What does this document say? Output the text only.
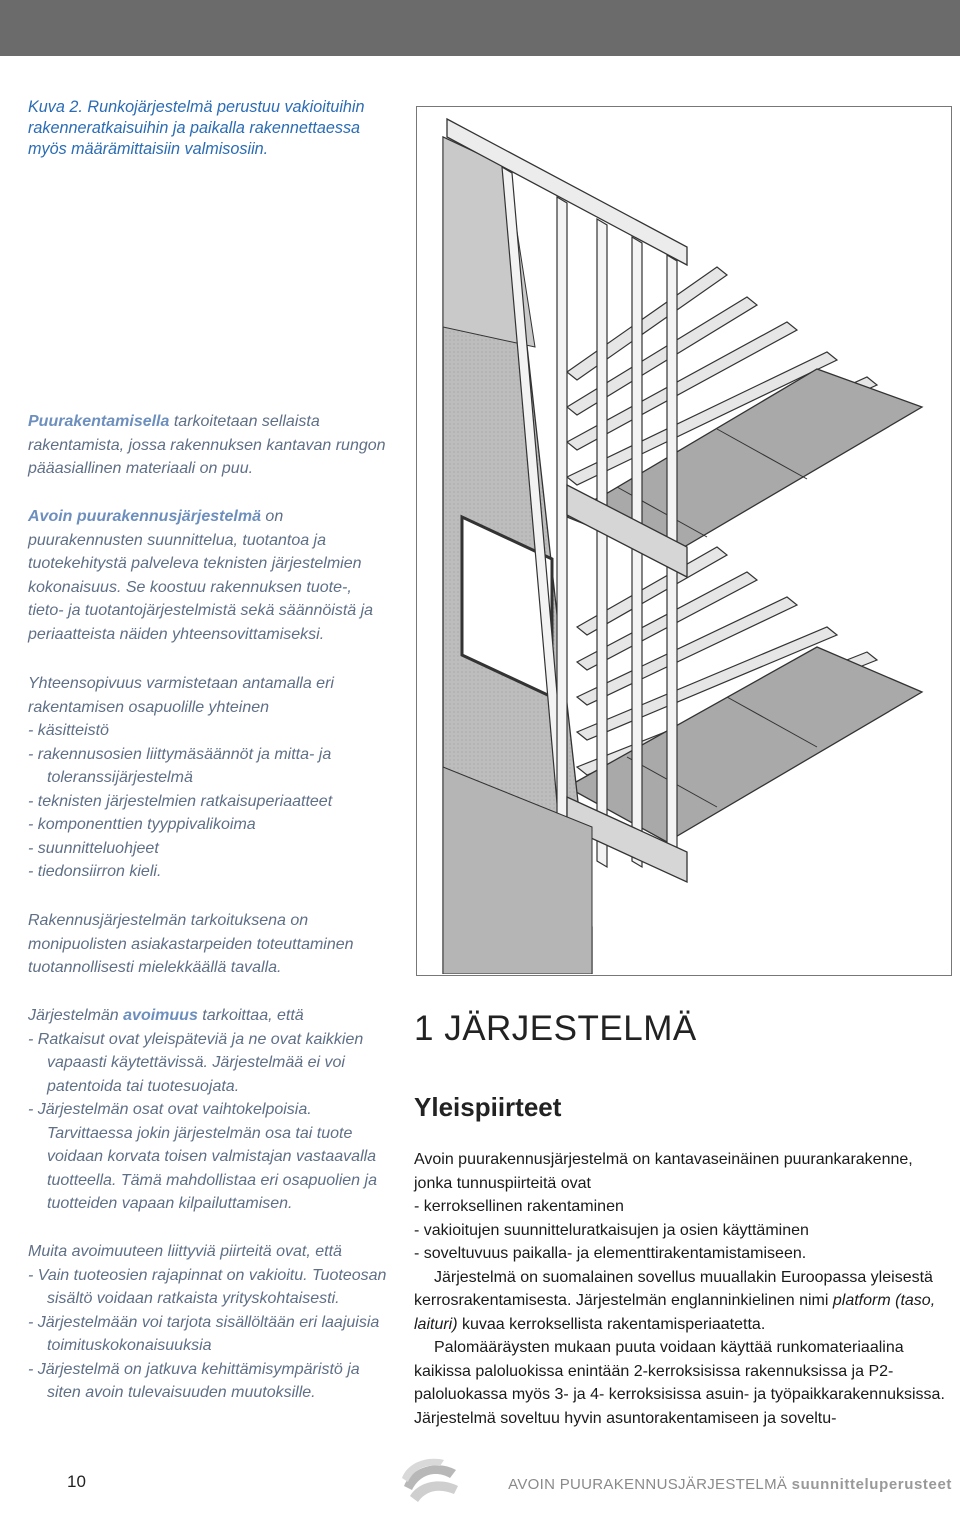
Kuva 2. Runkojärjestelmä perustuu vakioituihin rakenneratkaisuihin ja paikalla rakennettaessa myös määrämittaisiin valmisosiin.

Puurakentamisella tarkoitetaan sellaista rakentamista, jossa rakennuksen kantavan rungon pääasiallinen materiaali on puu.

Avoin puurakennusjärjestelmä on puurakennusten suunnittelua, tuotantoa ja tuotekehitystä palveleva teknisten järjestelmien kokonaisuus. Se koostuu rakennuksen tuote-, tieto- ja tuotantojärjestelmistä sekä säännöistä ja periaatteista näiden yhteensovittamiseksi.

Yhteensopivuus varmistetaan antamalla eri rakentamisen osapuolille yhteinen
- käsitteistö
- rakennusosien liittymäsäännöt ja mitta- ja toleranssijärjestelmä
- teknisten järjestelmien ratkaisuperiaatteet
- komponenttien tyyppivalikoima
- suunnitteluohjeet
- tiedonsiirron kieli.

Rakennusjärjestelmän tarkoituksena on monipuolisten asiakastarpeiden toteuttaminen tuotannollisesti mielekkäällä tavalla.

Järjestelmän avoimuus tarkoittaa, että
- Ratkaisut ovat yleispäteviä ja ne ovat kaikkien vapaasti käytettävissä. Järjestelmää ei voi patentoida tai tuotesuojata.
- Järjestelmän osat ovat vaihtokelpoisia. Tarvittaessa jokin järjestelmän osa tai tuote voidaan korvata toisen valmistajan vastaavalla tuotteella. Tämä mahdollistaa eri osapuolien ja tuotteiden vapaan kilpailuttamisen.
Muita avoimuuteen liittyviä piirteitä ovat, että
- Vain tuoteosien rajapinnat on vakioitu. Tuoteosan sisältö voidaan ratkaista yrityskohtaisesti.
- Järjestelmään voi tarjota sisällöltään eri laajuisia toimituskokonaisuuksia
- Järjestelmä on jatkuva kehittämisympäristö ja siten avoin tulevaisuuden muutoksille.
1 JÄRJESTELMÄ
Yleispiirteet
Avoin puurakennusjärjestelmä on kantavaseinäinen puurankarakenne, jonka tunnuspiirteitä ovat
- kerroksellinen rakentaminen
- vakioitujen suunnitteluratkaisujen ja osien käyttäminen
- soveltuvuus paikalla- ja elementtirakentamistamiseen.
Järjestelmä on suomalainen sovellus muuallakin Euroopassa yleisestä kerrosrakentamisesta. Järjestelmän englanninkielinen nimi platform (taso, laituri) kuvaa kerroksellista rakentamisperiaatetta.
Palomääräysten mukaan puuta voidaan käyttää runkomateriaalina kaikissa paloluokissa enintään 2-kerroksisissa rakennuksissa ja P2-paloluokassa myös 3- ja 4- kerroksisissa asuin- ja työpaikkarakennuksissa. Järjestelmä soveltuu hyvin asuntorakentamiseen ja soveltu-
10	AVOIN PUURAKENNUSJÄRJESTELMÄ suunnitteluperusteet
